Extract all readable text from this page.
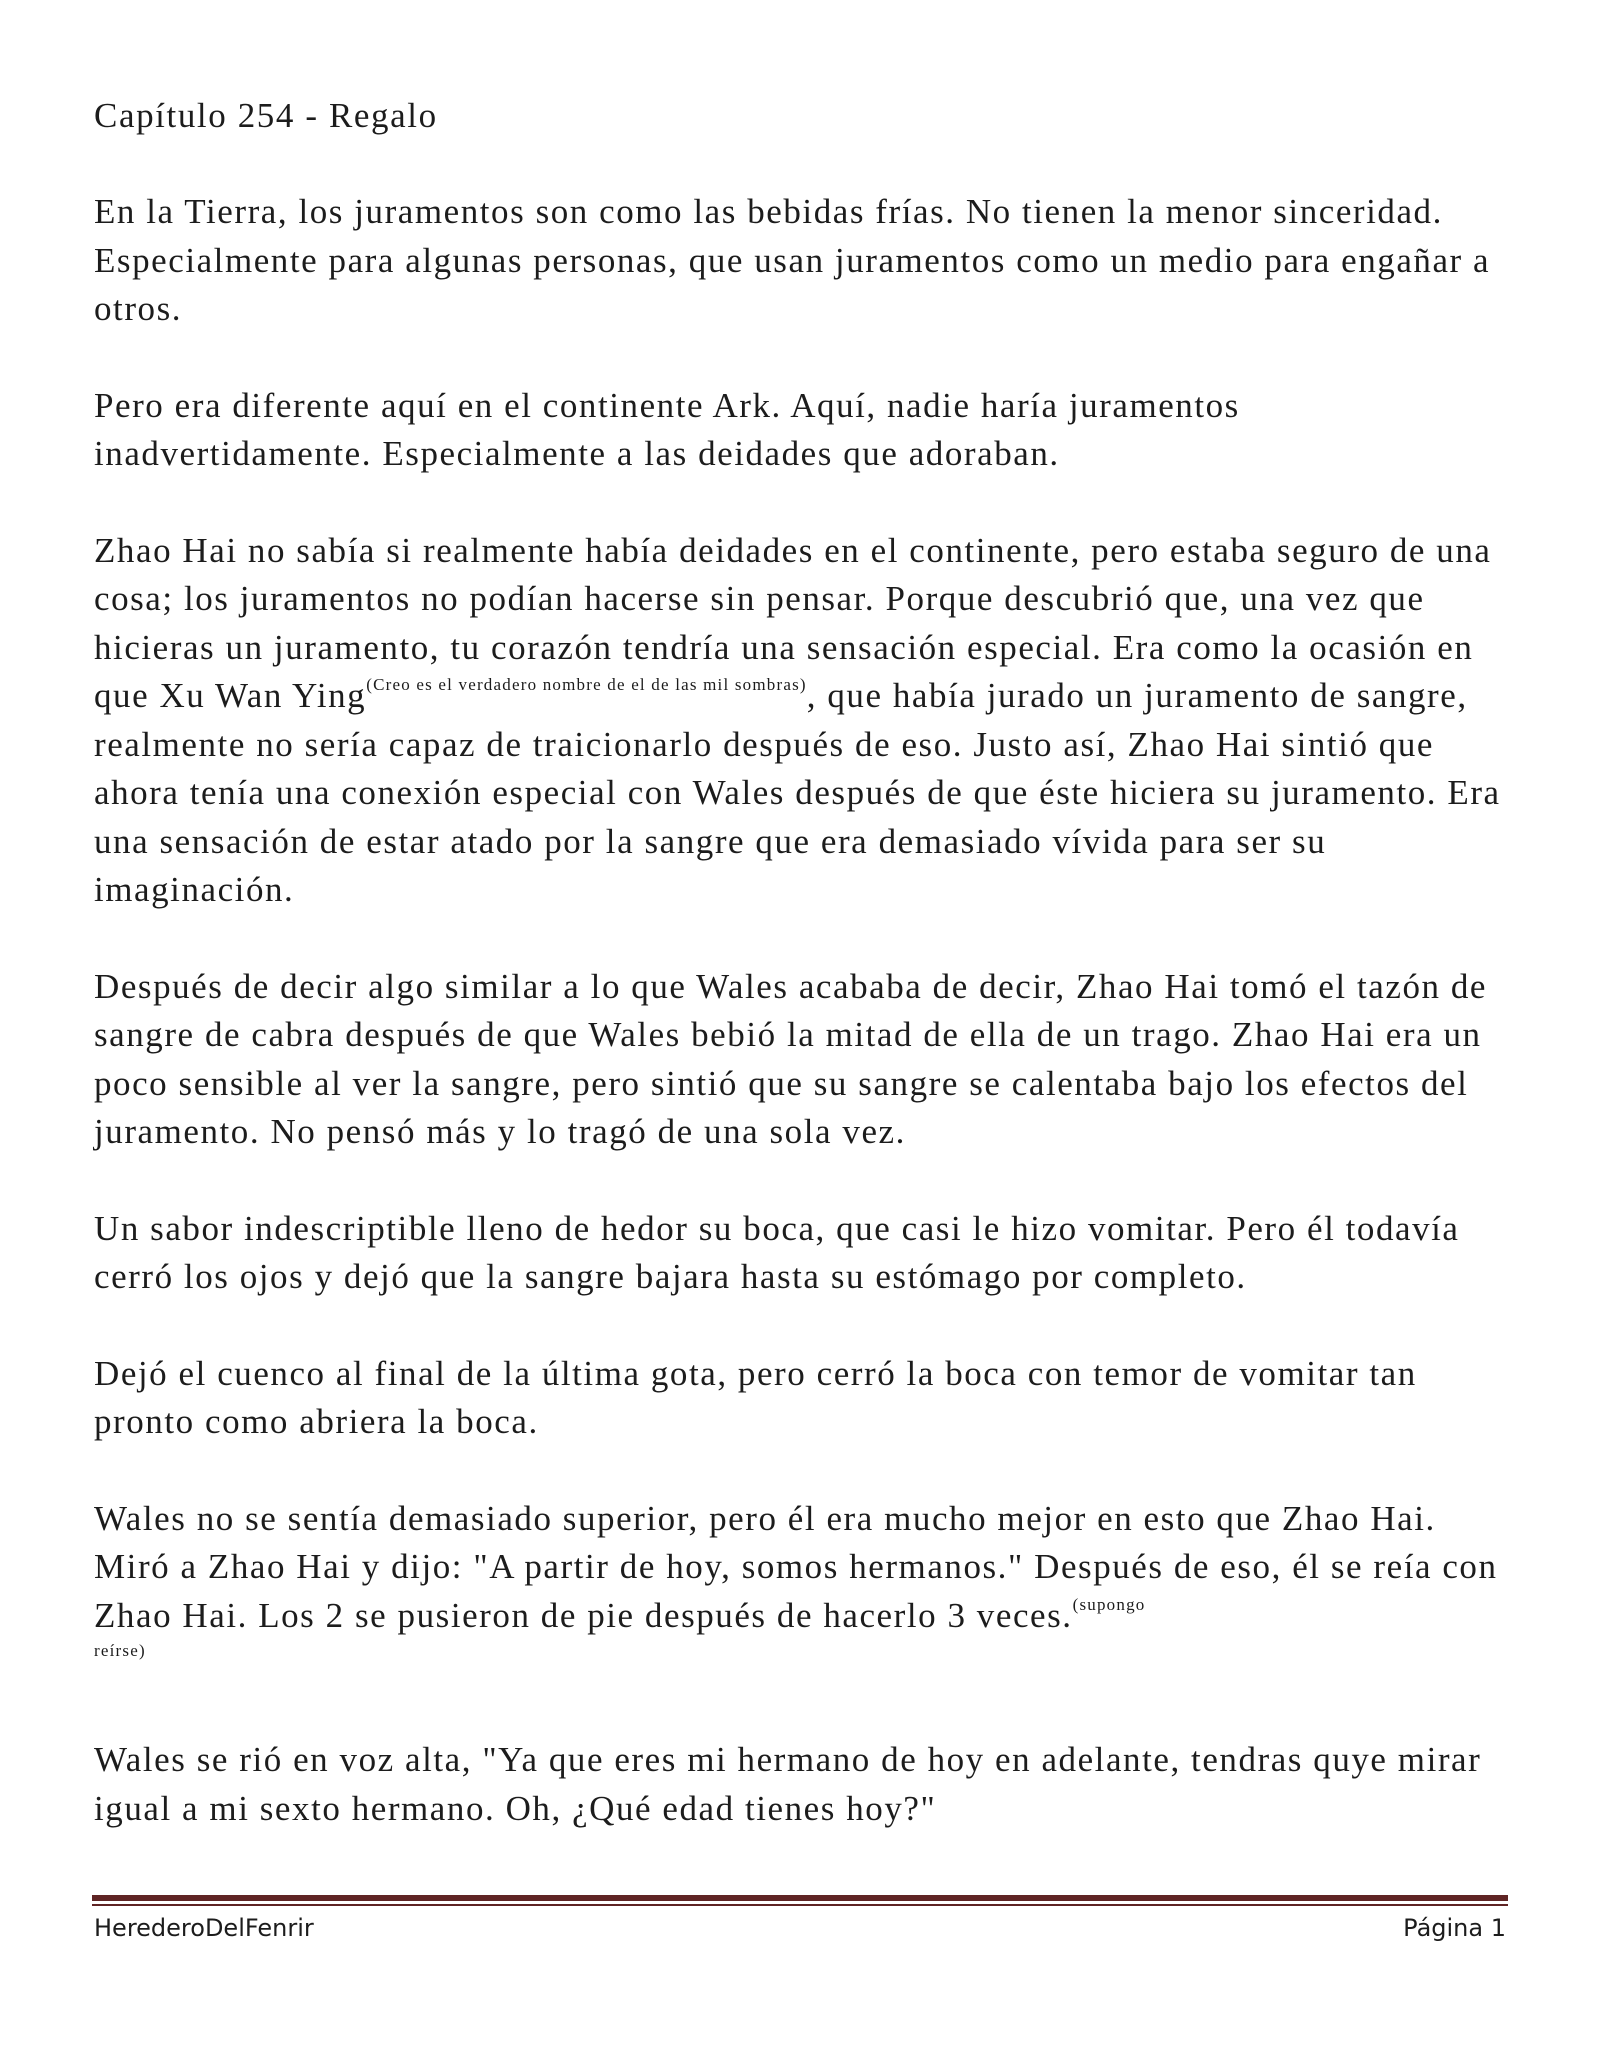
Capítulo 254 - Regalo

En la Tierra, los juramentos son como las bebidas frías. No tienen la menor sinceridad. Especialmente para algunas personas, que usan juramentos como un medio para engañar a otros.

Pero era diferente aquí en el continente Ark. Aquí, nadie haría juramentos inadvertidamente. Especialmente a las deidades que adoraban.

Zhao Hai no sabía si realmente había deidades en el continente, pero estaba seguro de una cosa; los juramentos no podían hacerse sin pensar. Porque descubrió que, una vez que hicieras un juramento, tu corazón tendría una sensación especial. Era como la ocasión en que Xu Wan Ying$^{(Creo es el verdadero nombre de el de las mil sombras)}$, que había jurado un juramento de sangre, realmente no sería capaz de traicionarlo después de eso. Justo así, Zhao Hai sintió que ahora tenía una conexión especial con Wales después de que éste hiciera su juramento. Era una sensación de estar atado por la sangre que era demasiado vívida para ser su imaginación.

Después de decir algo similar a lo que Wales acababa de decir, Zhao Hai tomó el tazón de sangre de cabra después de que Wales bebió la mitad de ella de un trago. Zhao Hai era un poco sensible al ver la sangre, pero sintió que su sangre se calentaba bajo los efectos del juramento. No pensó más y lo tragó de una sola vez.

Un sabor indescriptible lleno de hedor su boca, que casi le hizo vomitar. Pero él todavía cerró los ojos y dejó que la sangre bajara hasta su estómago por completo.

Dejó el cuenco al final de la última gota, pero cerró la boca con temor de vomitar tan pronto como abriera la boca.

Wales no se sentía demasiado superior, pero él era mucho mejor en esto que Zhao Hai. Miró a Zhao Hai y dijo: "A partir de hoy, somos hermanos." Después de eso, él se reía con Zhao Hai. Los 2 se pusieron de pie después de hacerlo 3 veces.$^{(supongo}$

reírse)

Wales se rió en voz alta, "Ya que eres mi hermano de hoy en adelante, tendras quye mirar igual a mi sexto hermano. Oh, ¿Qué edad tienes hoy?"

HerederoDelFenrir	Página 1
